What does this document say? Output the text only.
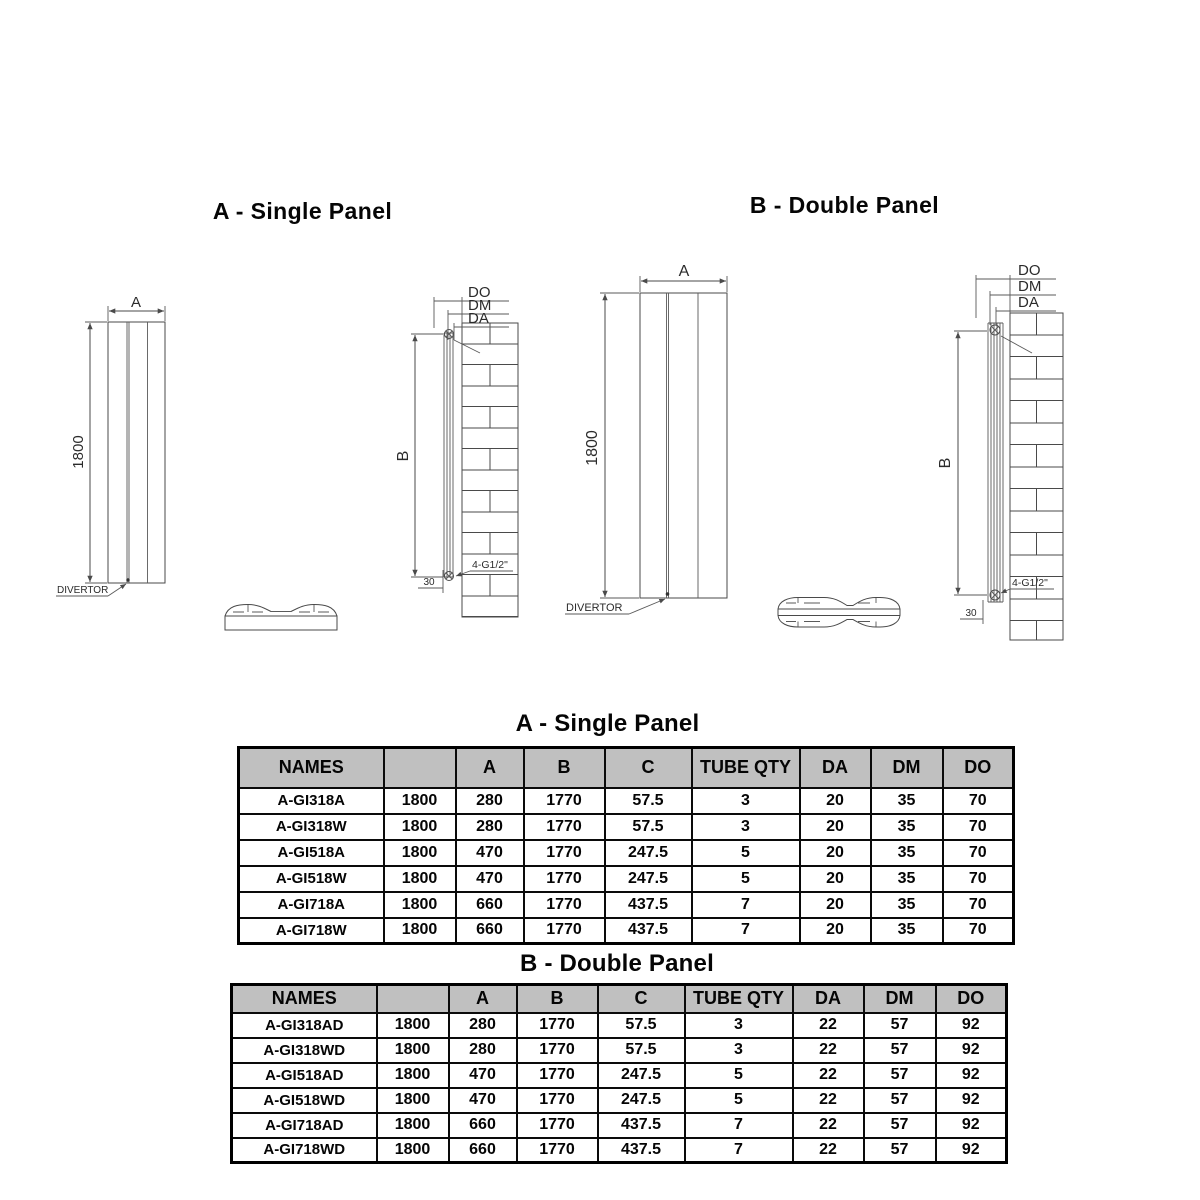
A - Single Panel	B - Double Panel
A
1800
DIVERTOR
DO
DM
DA
B
4-G1/2"
30
A
1800
DIVERTOR
DO
DM
DA
B
4-G1/2"
30
A - Single Panel
NAMES		A	B	C	TUBE QTY	DA	DM	DO
A-GI318A	1800	280	1770	57.5	3	20	35	70
A-GI318W	1800	280	1770	57.5	3	20	35	70
A-GI518A	1800	470	1770	247.5	5	20	35	70
A-GI518W	1800	470	1770	247.5	5	20	35	70
A-GI718A	1800	660	1770	437.5	7	20	35	70
A-GI718W	1800	660	1770	437.5	7	20	35	70
B - Double Panel
NAMES		A	B	C	TUBE QTY	DA	DM	DO
A-GI318AD	1800	280	1770	57.5	3	22	57	92
A-GI318WD	1800	280	1770	57.5	3	22	57	92
A-GI518AD	1800	470	1770	247.5	5	22	57	92
A-GI518WD	1800	470	1770	247.5	5	22	57	92
A-GI718AD	1800	660	1770	437.5	7	22	57	92
A-GI718WD	1800	660	1770	437.5	7	22	57	92
